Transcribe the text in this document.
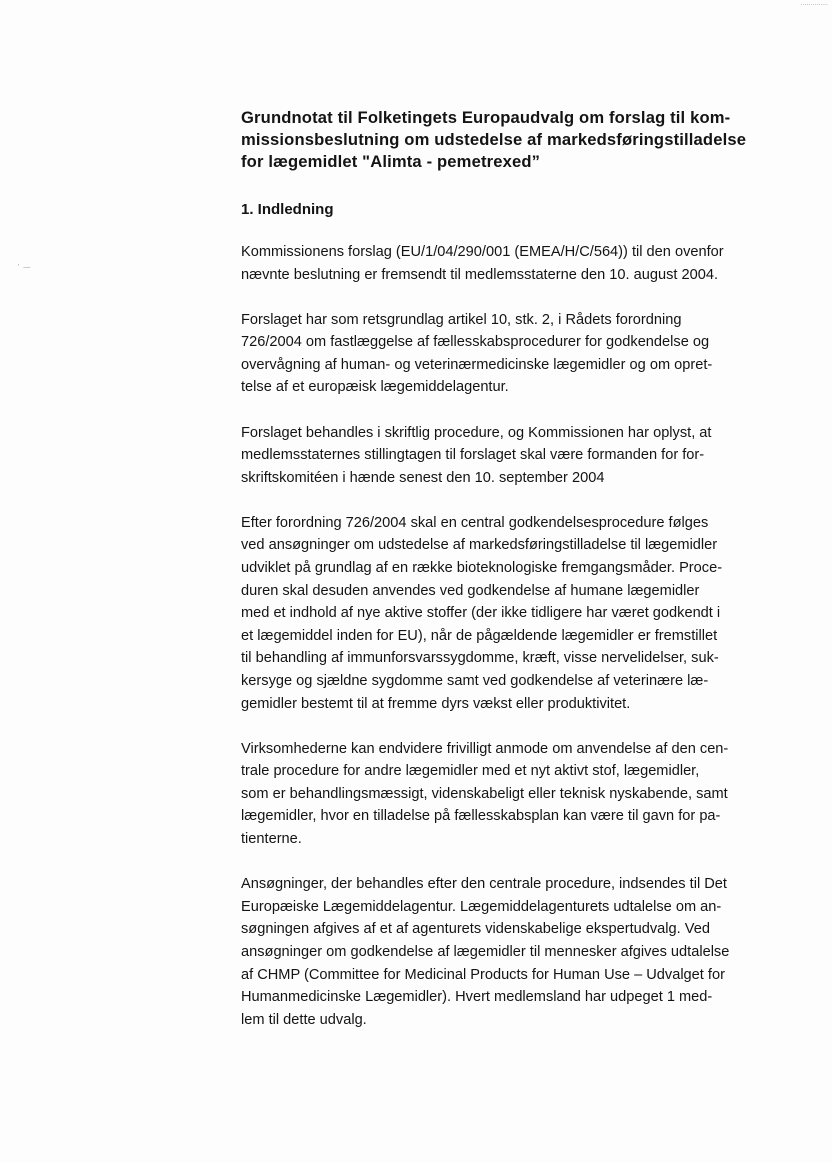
..............
' —
Grundnotat til Folketingets Europaudvalg om forslag til kom-
missionsbeslutning om udstedelse af markedsføringstilladelse
for lægemidlet "Alimta - pemetrexed”
1. Indledning
Kommissionens forslag (EU/1/04/290/001 (EMEA/H/C/564)) til den ovenfor
nævnte beslutning er fremsendt til medlemsstaterne den 10. august 2004.
Forslaget har som retsgrundlag artikel 10, stk. 2, i Rådets forordning
726/2004 om fastlæggelse af fællesskabsprocedurer for godkendelse og
overvågning af human- og veterinærmedicinske lægemidler og om opret-
telse af et europæisk lægemiddelagentur.
Forslaget behandles i skriftlig procedure, og Kommissionen har oplyst, at
medlemsstaternes stillingtagen til forslaget skal være formanden for for-
skriftskomitéen i hænde senest den 10. september 2004
Efter forordning 726/2004 skal en central godkendelsesprocedure følges
ved ansøgninger om udstedelse af markedsføringstilladelse til lægemidler
udviklet på grundlag af en række bioteknologiske fremgangsmåder. Proce-
duren skal desuden anvendes ved godkendelse af humane lægemidler
med et indhold af nye aktive stoffer (der ikke tidligere har været godkendt i
et lægemiddel inden for EU), når de pågældende lægemidler er fremstillet
til behandling af immunforsvarssygdomme, kræft, visse nervelidelser, suk-
kersyge og sjældne sygdomme samt ved godkendelse af veterinære læ-
gemidler bestemt til at fremme dyrs vækst eller produktivitet.
Virksomhederne kan endvidere frivilligt anmode om anvendelse af den cen-
trale procedure for andre lægemidler med et nyt aktivt stof, lægemidler,
som er behandlingsmæssigt, videnskabeligt eller teknisk nyskabende, samt
lægemidler, hvor en tilladelse på fællesskabsplan kan være til gavn for pa-
tienterne.
Ansøgninger, der behandles efter den centrale procedure, indsendes til Det
Europæiske Lægemiddelagentur. Lægemiddelagenturets udtalelse om an-
søgningen afgives af et af agenturets videnskabelige ekspertudvalg. Ved
ansøgninger om godkendelse af lægemidler til mennesker afgives udtalelse
af CHMP (Committee for Medicinal Products for Human Use – Udvalget for
Humanmedicinske Lægemidler). Hvert medlemsland har udpeget 1 med-
lem til dette udvalg.
